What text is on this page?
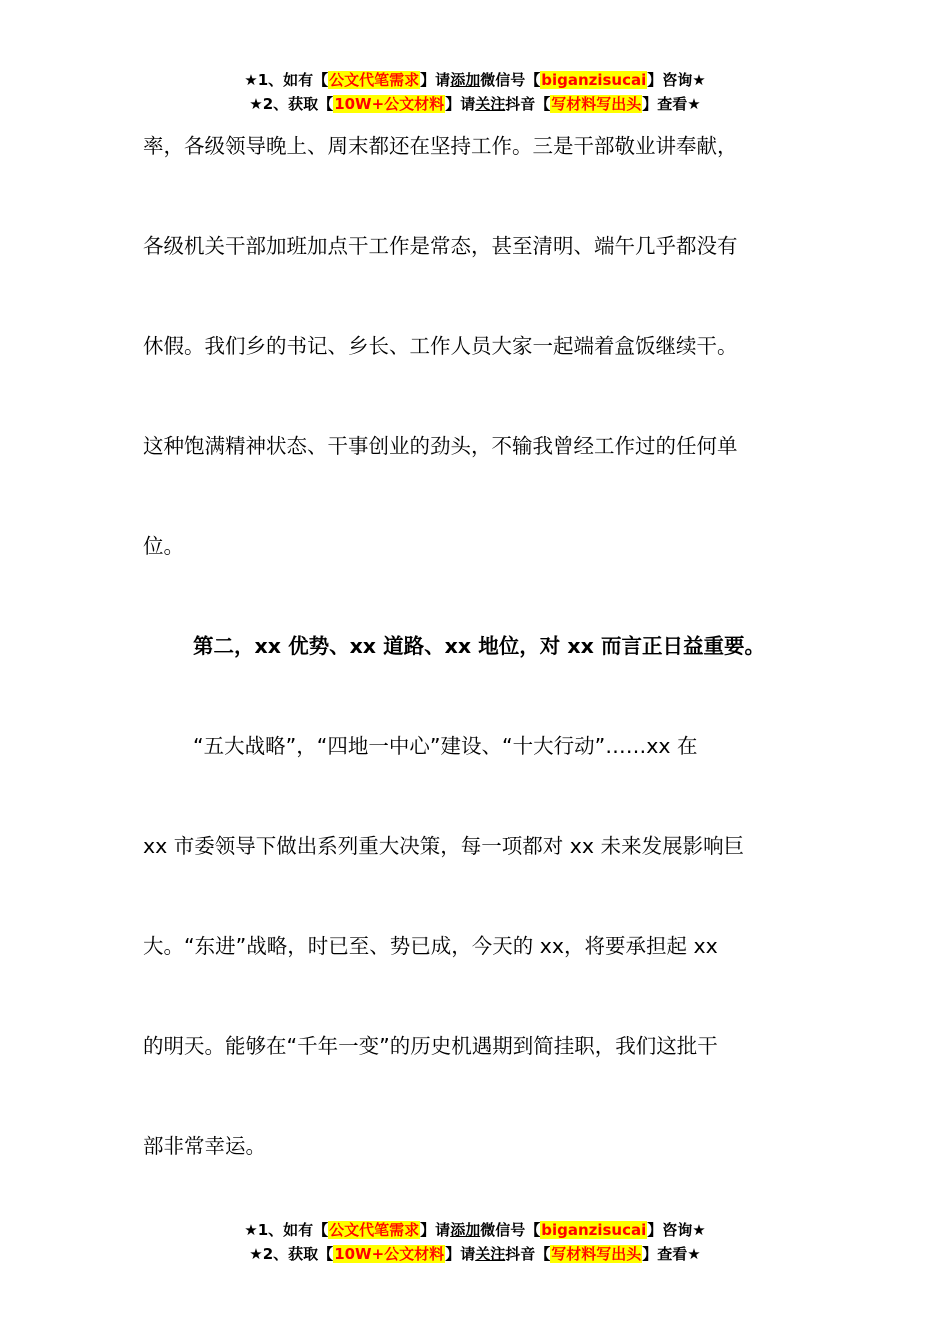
★1、如有【公文代笔需求】请添加微信号【biganzisucai】咨询★
★2、获取【10W+公文材料】请关注抖音【写材料写出头】查看★

率，各级领导晚上、周末都还在坚持工作。三是干部敬业讲奉献，

各级机关干部加班加点干工作是常态，甚至清明、端午几乎都没有

休假。我们乡的书记、乡长、工作人员大家一起端着盒饭继续干。

这种饱满精神状态、干事创业的劲头，不输我曾经工作过的任何单

位。

第二，xx 优势、xx 道路、xx 地位，对 xx 而言正日益重要。

“五大战略”，“四地一中心”建设、“十大行动”……xx 在

xx 市委领导下做出系列重大决策，每一项都对 xx 未来发展影响巨

大。“东进”战略，时已至、势已成，今天的 xx，将要承担起 xx

的明天。能够在“千年一变”的历史机遇期到简挂职，我们这批干

部非常幸运。

★1、如有【公文代笔需求】请添加微信号【biganzisucai】咨询★
★2、获取【10W+公文材料】请关注抖音【写材料写出头】查看★
